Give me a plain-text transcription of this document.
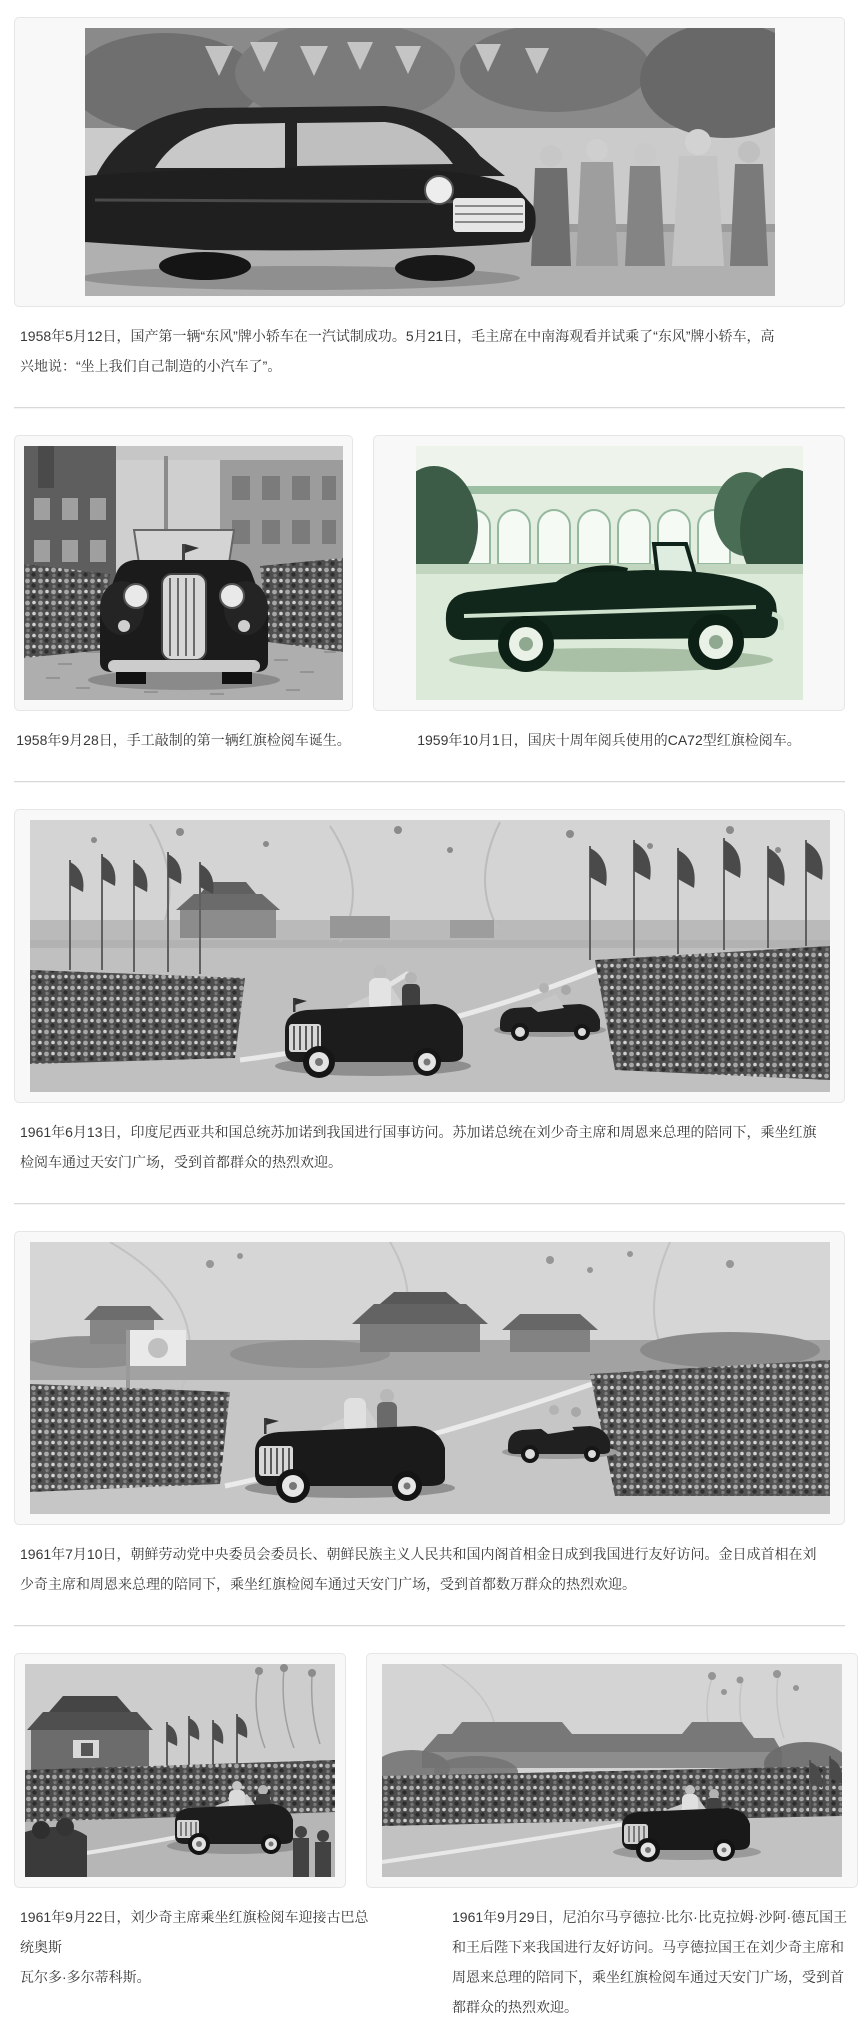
1958年5月12日，国产第一辆“东风”牌小轿车在一汽试制成功。5月21日，毛主席在中南海观看并试乘了“东风”牌小轿车，高
兴地说：“坐上我们自己制造的小汽车了”。
1958年9月28日，手工敲制的第一辆红旗检阅车诞生。	1959年10月1日，国庆十周年阅兵使用的CA72型红旗检阅车。
1961年6月13日，印度尼西亚共和国总统苏加诺到我国进行国事访问。苏加诺总统在刘少奇主席和周恩来总理的陪同下，乘坐红旗
检阅车通过天安门广场，受到首都群众的热烈欢迎。
1961年7月10日，朝鲜劳动党中央委员会委员长、朝鲜民族主义人民共和国内阁首相金日成到我国进行友好访问。金日成首相在刘
少奇主席和周恩来总理的陪同下，乘坐红旗检阅车通过天安门广场，受到首都数万群众的热烈欢迎。
1961年9月22日，刘少奇主席乘坐红旗检阅车迎接古巴总统奥斯
瓦尔多·多尔蒂科斯。
1961年9月29日，尼泊尔马亨德拉·比尔·比克拉姆·沙阿·德瓦国王
和王后陛下来我国进行友好访问。马亨德拉国王在刘少奇主席和
周恩来总理的陪同下，乘坐红旗检阅车通过天安门广场，受到首
都群众的热烈欢迎。
